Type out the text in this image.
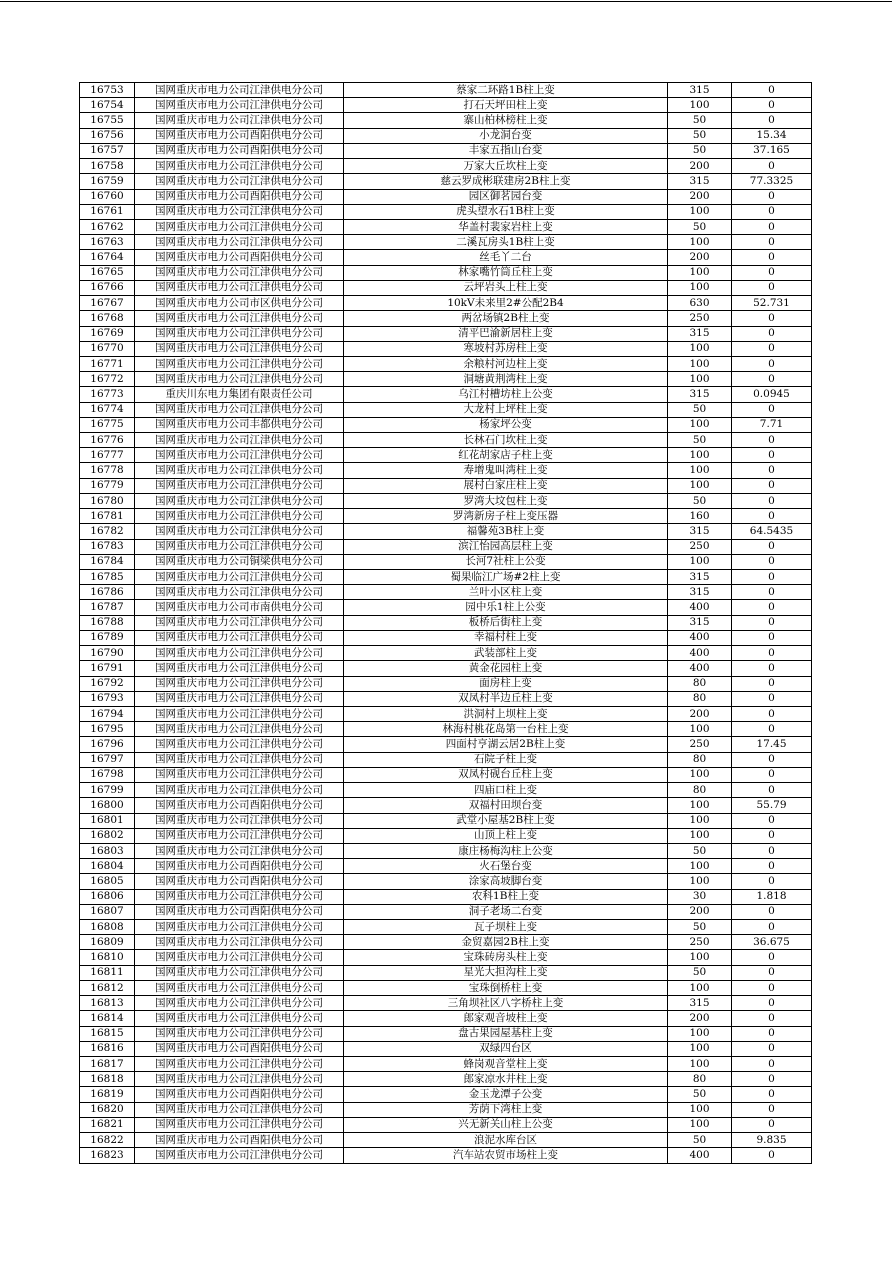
16753	国网重庆市电力公司江津供电分公司	蔡家二环路1B柱上变	315	0
16754	国网重庆市电力公司江津供电分公司	打石天坪田柱上变	100	0
16755	国网重庆市电力公司江津供电分公司	寨山柏林榜柱上变	50	0
16756	国网重庆市电力公司酉阳供电分公司	小龙洞台变	50	15.34
16757	国网重庆市电力公司酉阳供电分公司	丰家五指山台变	50	37.165
16758	国网重庆市电力公司江津供电分公司	万家大丘坎柱上变	200	0
16759	国网重庆市电力公司江津供电分公司	慈云罗成彬联建房2B柱上变	315	77.3325
16760	国网重庆市电力公司酉阳供电分公司	园区御茗园台变	200	0
16761	国网重庆市电力公司江津供电分公司	虎头望水石1B柱上变	100	0
16762	国网重庆市电力公司江津供电分公司	华盖村裴家岩柱上变	50	0
16763	国网重庆市电力公司江津供电分公司	二溪瓦房头1B柱上变	100	0
16764	国网重庆市电力公司酉阳供电分公司	丝毛丫二台	200	0
16765	国网重庆市电力公司江津供电分公司	林家嘴竹筒丘柱上变	100	0
16766	国网重庆市电力公司江津供电分公司	云坪岩头上柱上变	100	0
16767	国网重庆市电力公司市区供电分公司	10kV未来里2#公配2B4	630	52.731
16768	国网重庆市电力公司江津供电分公司	两岔场镇2B柱上变	250	0
16769	国网重庆市电力公司江津供电分公司	清平巴渝新居柱上变	315	0
16770	国网重庆市电力公司江津供电分公司	寒坡村苏房柱上变	100	0
16771	国网重庆市电力公司江津供电分公司	余粮村河边柱上变	100	0
16772	国网重庆市电力公司江津供电分公司	洞塘黄荆湾柱上变	100	0
16773	重庆川东电力集团有限责任公司	乌江村槽坊柱上公变	315	0.0945
16774	国网重庆市电力公司江津供电分公司	大龙村上坪柱上变	50	0
16775	国网重庆市电力公司丰都供电分公司	杨家坪公变	100	7.71
16776	国网重庆市电力公司江津供电分公司	长林石门坎柱上变	50	0
16777	国网重庆市电力公司江津供电分公司	红花胡家店子柱上变	100	0
16778	国网重庆市电力公司江津供电分公司	寿增鬼叫湾柱上变	100	0
16779	国网重庆市电力公司江津供电分公司	展村白家庄柱上变	100	0
16780	国网重庆市电力公司江津供电分公司	罗湾大坟包柱上变	50	0
16781	国网重庆市电力公司江津供电分公司	罗湾新房子柱上变压器	160	0
16782	国网重庆市电力公司江津供电分公司	福馨苑3B柱上变	315	64.5435
16783	国网重庆市电力公司江津供电分公司	滨江怡园高层柱上变	250	0
16784	国网重庆市电力公司铜梁供电分公司	长河7社柱上公变	100	0
16785	国网重庆市电力公司江津供电分公司	蜀果临江广场#2柱上变	315	0
16786	国网重庆市电力公司江津供电分公司	兰叶小区柱上变	315	0
16787	国网重庆市电力公司市南供电分公司	园中乐1柱上公变	400	0
16788	国网重庆市电力公司江津供电分公司	板桥后街柱上变	315	0
16789	国网重庆市电力公司江津供电分公司	幸福村柱上变	400	0
16790	国网重庆市电力公司江津供电分公司	武装部柱上变	400	0
16791	国网重庆市电力公司江津供电分公司	黄金花园柱上变	400	0
16792	国网重庆市电力公司江津供电分公司	面房柱上变	80	0
16793	国网重庆市电力公司江津供电分公司	双凤村半边丘柱上变	80	0
16794	国网重庆市电力公司江津供电分公司	洪洞村上坝柱上变	200	0
16795	国网重庆市电力公司江津供电分公司	林海村桃花岛第一台柱上变	100	0
16796	国网重庆市电力公司江津供电分公司	四面村亨湖云居2B柱上变	250	17.45
16797	国网重庆市电力公司江津供电分公司	石院子柱上变	80	0
16798	国网重庆市电力公司江津供电分公司	双凤村砚台丘柱上变	100	0
16799	国网重庆市电力公司江津供电分公司	四庙口柱上变	80	0
16800	国网重庆市电力公司酉阳供电分公司	双福村田坝台变	100	55.79
16801	国网重庆市电力公司江津供电分公司	武堂小屋基2B柱上变	100	0
16802	国网重庆市电力公司江津供电分公司	山顶上柱上变	100	0
16803	国网重庆市电力公司江津供电分公司	康庄杨梅沟柱上公变	50	0
16804	国网重庆市电力公司酉阳供电分公司	火石堡台变	100	0
16805	国网重庆市电力公司酉阳供电分公司	涂家高坡脚台变	100	0
16806	国网重庆市电力公司江津供电分公司	农科1B柱上变	30	1.818
16807	国网重庆市电力公司酉阳供电分公司	洞子老场二台变	200	0
16808	国网重庆市电力公司江津供电分公司	瓦子坝柱上变	50	0
16809	国网重庆市电力公司江津供电分公司	金贸嘉园2B柱上变	250	36.675
16810	国网重庆市电力公司江津供电分公司	宝珠砖房头柱上变	100	0
16811	国网重庆市电力公司江津供电分公司	星光大担沟柱上变	50	0
16812	国网重庆市电力公司江津供电分公司	宝珠倒桥柱上变	100	0
16813	国网重庆市电力公司江津供电分公司	三角坝社区八字桥柱上变	315	0
16814	国网重庆市电力公司江津供电分公司	郎家观音坡柱上变	200	0
16815	国网重庆市电力公司江津供电分公司	盘古果园屋基柱上变	100	0
16816	国网重庆市电力公司酉阳供电分公司	双绿四台区	100	0
16817	国网重庆市电力公司江津供电分公司	蜂岗观音堂柱上变	100	0
16818	国网重庆市电力公司江津供电分公司	郎家凉水井柱上变	80	0
16819	国网重庆市电力公司酉阳供电分公司	金玉龙潭子公变	50	0
16820	国网重庆市电力公司江津供电分公司	芳荫下湾柱上变	100	0
16821	国网重庆市电力公司江津供电分公司	兴无新关山柱上公变	100	0
16822	国网重庆市电力公司酉阳供电分公司	浪泥水库台区	50	9.835
16823	国网重庆市电力公司江津供电分公司	汽车站农贸市场柱上变	400	0
